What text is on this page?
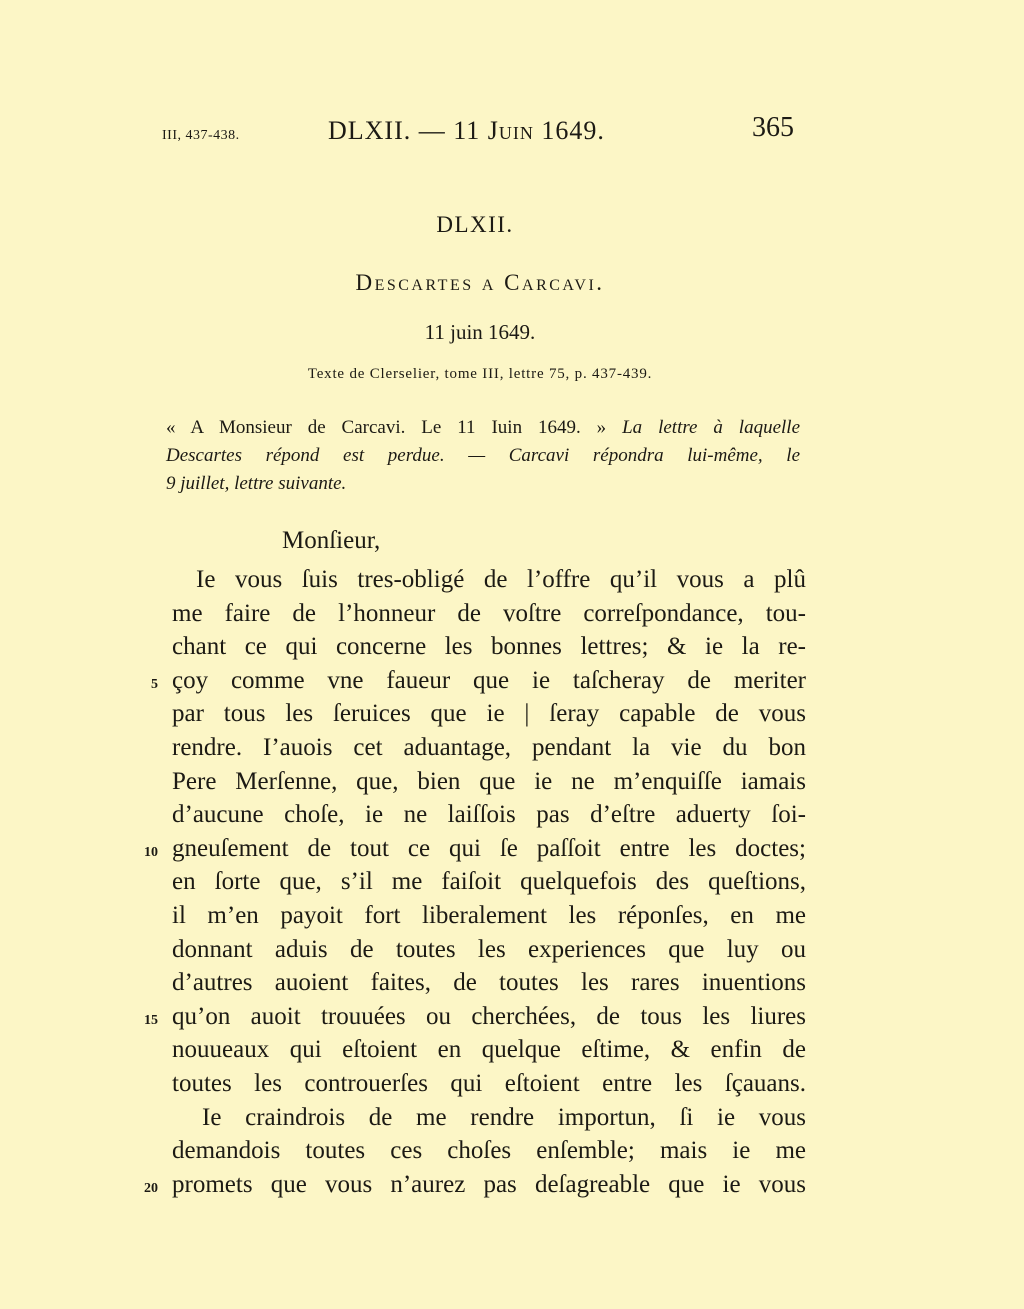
III, 437-438.	DLXII. — 11 Juin 1649.	365
DLXII.
Descartes a Carcavi.
11 juin 1649.
Texte de Clerselier, tome III, lettre 75, p. 437-439.
« A Monsieur de Carcavi. Le 11 Iuin 1649. » La lettre à laquelle
Descartes répond est perdue. — Carcavi répondra lui-même, le
9 juillet, lettre suivante.
Monſieur,
Ie vous ſuis tres-obligé de l’offre qu’il vous a plû
me faire de l’honneur de voſtre correſpondance, tou-
chant ce qui concerne les bonnes lettres; & ie la re-
çoy comme vne faueur que ie taſcheray de meriter
par tous les ſeruices que ie | ſeray capable de vous
rendre. I’auois cet aduantage, pendant la vie du bon
Pere Merſenne, que, bien que ie ne m’enquiſſe iamais
d’aucune choſe, ie ne laiſſois pas d’eſtre aduerty ſoi-
gneuſement de tout ce qui ſe paſſoit entre les doctes;
en ſorte que, s’il me faiſoit quelquefois des queſtions,
il m’en payoit fort liberalement les réponſes, en me
donnant aduis de toutes les experiences que luy ou
d’autres auoient faites, de toutes les rares inuentions
qu’on auoit trouuées ou cherchées, de tous les liures
nouueaux qui eſtoient en quelque eſtime, & enfin de
toutes les controuerſes qui eſtoient entre les ſçauans.
Ie craindrois de me rendre importun, ſi ie vous
demandois toutes ces choſes enſemble; mais ie me
promets que vous n’aurez pas deſagreable que ie vous
5
10
15
20
